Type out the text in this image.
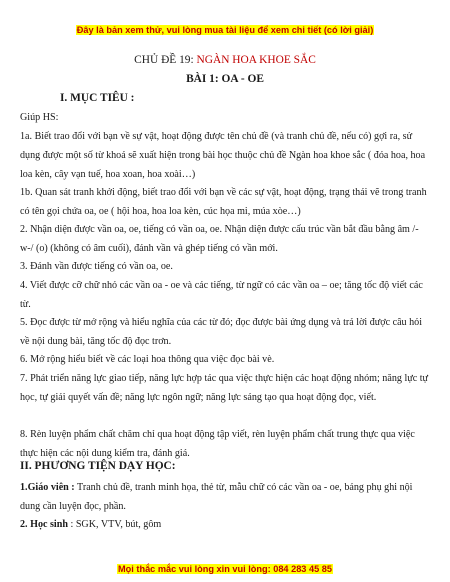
Đây là bản xem thử, vui lòng mua tài liệu để xem chi tiết (có lời giải)
CHỦ ĐỀ 19: NGÀN HOA KHOE SẮC
BÀI 1: OA - OE
I. MỤC TIÊU :
Giúp HS:
1a. Biết trao đổi với bạn về sự vật, hoạt động được tên chủ đề (và tranh chủ đề, nếu có) gợi ra, sử dụng được một số từ khoá sẽ xuất hiện trong bài học thuộc chủ đề Ngàn hoa khoe sắc ( đóa hoa, hoa loa kèn, cây vạn tuế, hoa xoan, hoa xoài…)
1b. Quan sát tranh khởi động, biết trao đổi với bạn về các sự vật, hoạt động, trạng thái vẽ trong tranh có tên gọi chứa oa, oe ( hội hoa, hoa loa kèn, cúc họa mi, múa xòe…)
2. Nhận diện được vần oa, oe, tiếng có vần oa, oe. Nhận diện được cấu trúc vần bắt đầu bằng âm /-w-/ (o) (không có âm cuối), đánh vần và ghép tiếng có vần mới.
3. Đánh vần được tiếng có vần oa, oe.
4. Viết được cỡ chữ nhỏ các vần oa - oe và các tiếng, từ ngữ có các vần oa – oe; tăng tốc độ viết các từ.
5. Đọc được từ mở rộng và hiểu nghĩa của các từ đó; đọc được bài ứng dụng và trả lời được câu hỏi về nội dung bài, tăng tốc độ đọc trơn.
6. Mở rộng hiểu biết về các loại hoa thông qua việc đọc bài vè.
7. Phát triển năng lực giao tiếp, năng lực hợp tác qua việc thực hiện các hoạt động nhóm; năng lực tự học, tự giải quyết vấn đề; năng lực ngôn ngữ; năng lực sáng tạo qua hoạt động đọc, viết.
8. Rèn luyện phẩm chất chăm chỉ qua hoạt động tập viết, rèn luyện phẩm chất trung thực qua việc thực hiện các nội dung kiểm tra, đánh giá.
II. PHƯƠNG TIỆN DẠY HỌC:
1.Giáo viên : Tranh chủ đề, tranh minh họa, thẻ từ, mẫu chữ có các vần oa - oe, bảng phụ ghi nội dung cần luyện đọc, phần.
2. Học sinh : SGK, VTV, bút, gôm
Mọi thắc mắc vui lòng xin vui lòng: 084 283 45 85
